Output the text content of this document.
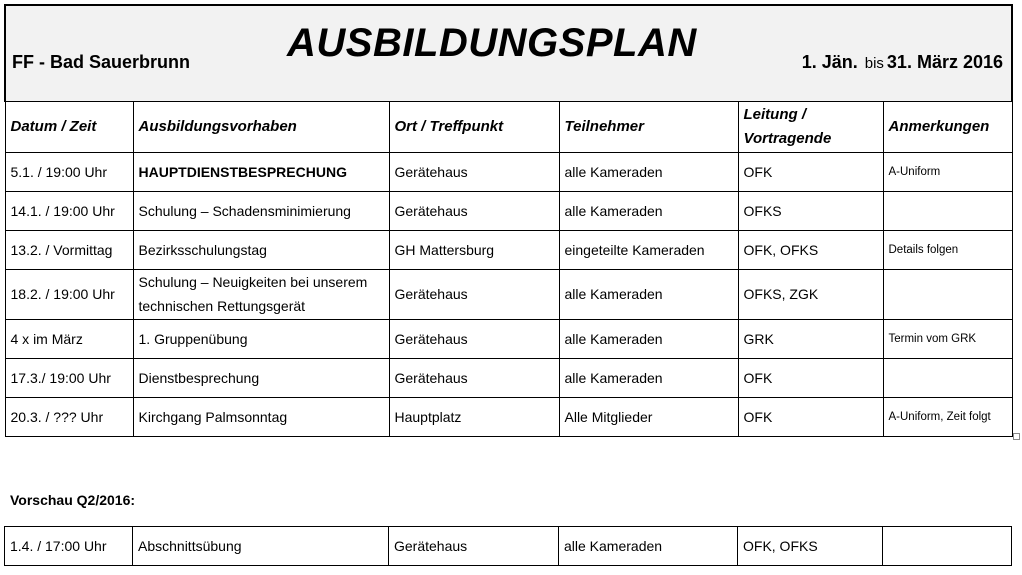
FF - Bad Sauerbrunn AUSBILDUNGSPLAN 1. Jän. bis 31. März 2016					

Datum / Zeit	Ausbildungsvorhaben	Ort / Treffpunkt	Teilnehmer	Leitung / Vortragende	Anmerkungen
5.1. / 19:00 Uhr	HAUPTDIENSTBESPRECHUNG	Gerätehaus	alle Kameraden	OFK	A-Uniform
14.1. / 19:00 Uhr	Schulung – Schadensminimierung	Gerätehaus	alle Kameraden	OFKS	
13.2. / Vormittag	Bezirksschulungstag	GH Mattersburg	eingeteilte Kameraden	OFK, OFKS	Details folgen
18.2. / 19:00 Uhr	Schulung – Neuigkeiten bei unserem technischen Rettungsgerät	Gerätehaus	alle Kameraden	OFKS, ZGK	
4 x im März	1. Gruppenübung	Gerätehaus	alle Kameraden	GRK	Termin vom GRK
17.3./ 19:00 Uhr	Dienstbesprechung	Gerätehaus	alle Kameraden	OFK	
20.3. / ??? Uhr	Kirchgang Palmsonntag	Hauptplatz	Alle Mitglieder	OFK	A-Uniform, Zeit folgt
Vorschau Q2/2016:
1.4. / 17:00 Uhr	Abschnittsübung	Gerätehaus	alle Kameraden	OFK, OFKS	
